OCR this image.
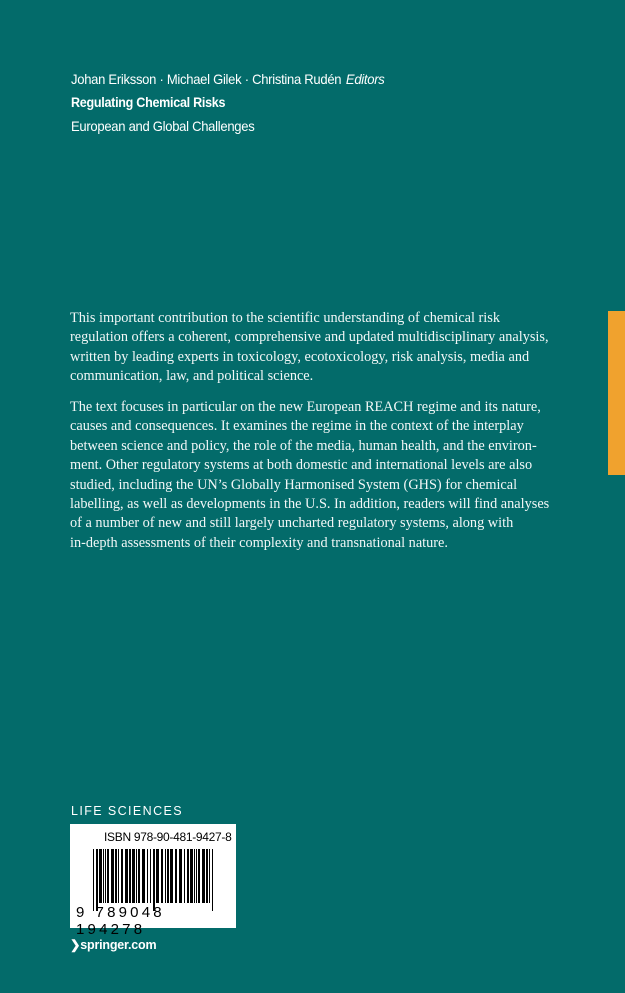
Johan Eriksson · Michael Gilek · Christina Rudén Editors
Regulating Chemical Risks
European and Global Challenges
This important contribution to the scientific understanding of chemical risk
regulation offers a coherent, comprehensive and updated multidisciplinary analysis,
written by leading experts in toxicology, ecotoxicology, risk analysis, media and
communication, law, and political science.
The text focuses in particular on the new European REACH regime and its nature,
causes and consequences. It examines the regime in the context of the interplay
between science and policy, the role of the media, human health, and the environ-
ment. Other regulatory systems at both domestic and international levels are also
studied, including the UN’s Globally Harmonised System (GHS) for chemical
labelling, as well as developments in the U.S. In addition, readers will find analyses
of a number of new and still largely uncharted regulatory systems, along with
in-depth assessments of their complexity and transnational nature.
LIFE SCIENCES
ISBN 978-90-481-9427-8
9 789048 194278
❯springer.com
